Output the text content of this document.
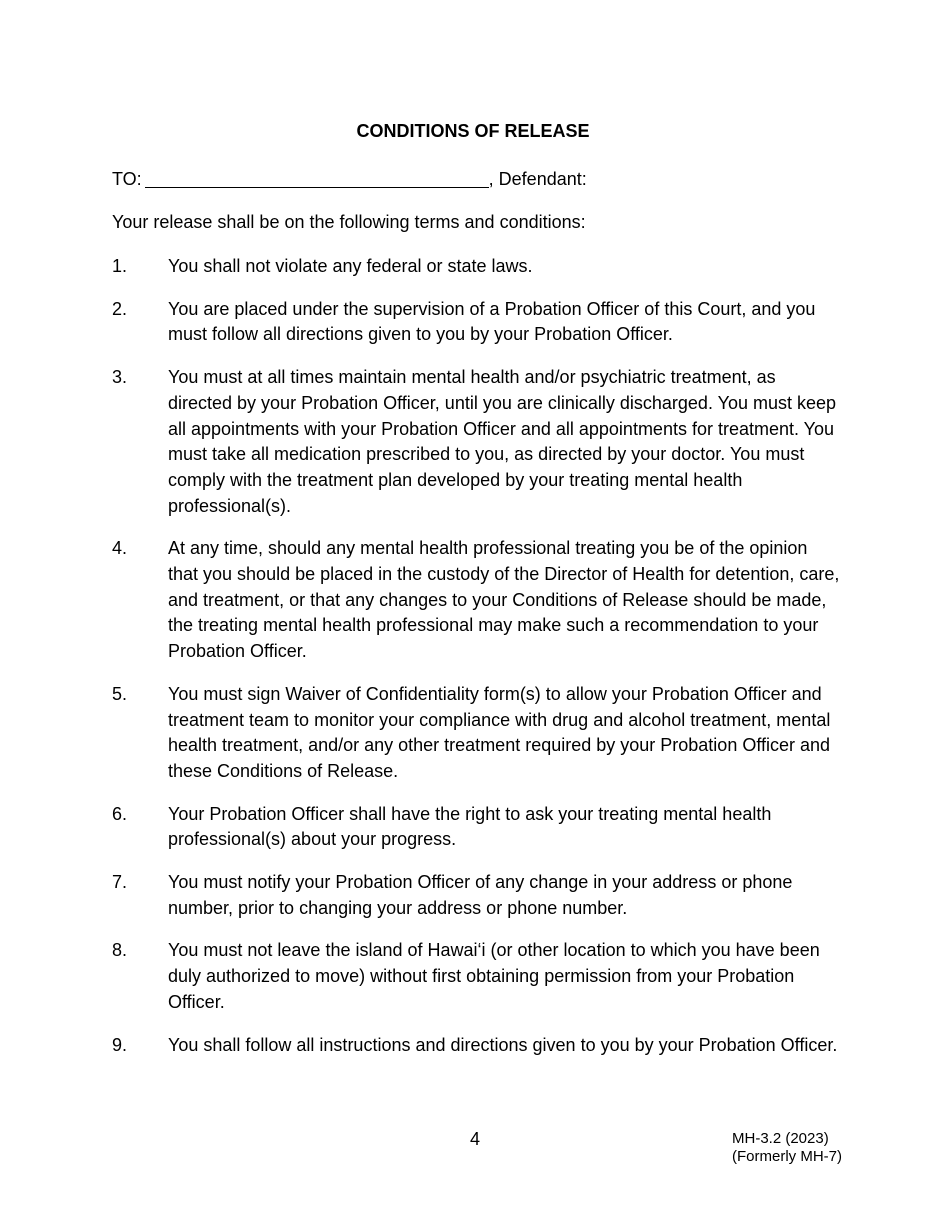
CONDITIONS OF RELEASE
TO:	, Defendant:
Your release shall be on the following terms and conditions:
1.	You shall not violate any federal or state laws.
2.	You are placed under the supervision of a Probation Officer of this Court, and you must follow all directions given to you by your Probation Officer.
3.	You must at all times maintain mental health and/or psychiatric treatment, as directed by your Probation Officer, until you are clinically discharged. You must keep all appointments with your Probation Officer and all appointments for treatment. You must take all medication prescribed to you, as directed by your doctor. You must comply with the treatment plan developed by your treating mental health professional(s).
4.	At any time, should any mental health professional treating you be of the opinion that you should be placed in the custody of the Director of Health for detention, care, and treatment, or that any changes to your Conditions of Release should be made, the treating mental health professional may make such a recommendation to your Probation Officer.
5.	You must sign Waiver of Confidentiality form(s) to allow your Probation Officer and treatment team to monitor your compliance with drug and alcohol treatment, mental health treatment, and/or any other treatment required by your Probation Officer and these Conditions of Release.
6.	Your Probation Officer shall have the right to ask your treating mental health professional(s) about your progress.
7.	You must notify your Probation Officer of any change in your address or phone number, prior to changing your address or phone number.
8.	You must not leave the island of Hawai‘i (or other location to which you have been duly authorized to move) without first obtaining permission from your Probation Officer.
9.	You shall follow all instructions and directions given to you by your Probation Officer.
4	MH-3.2 (2023)
(Formerly MH-7)
